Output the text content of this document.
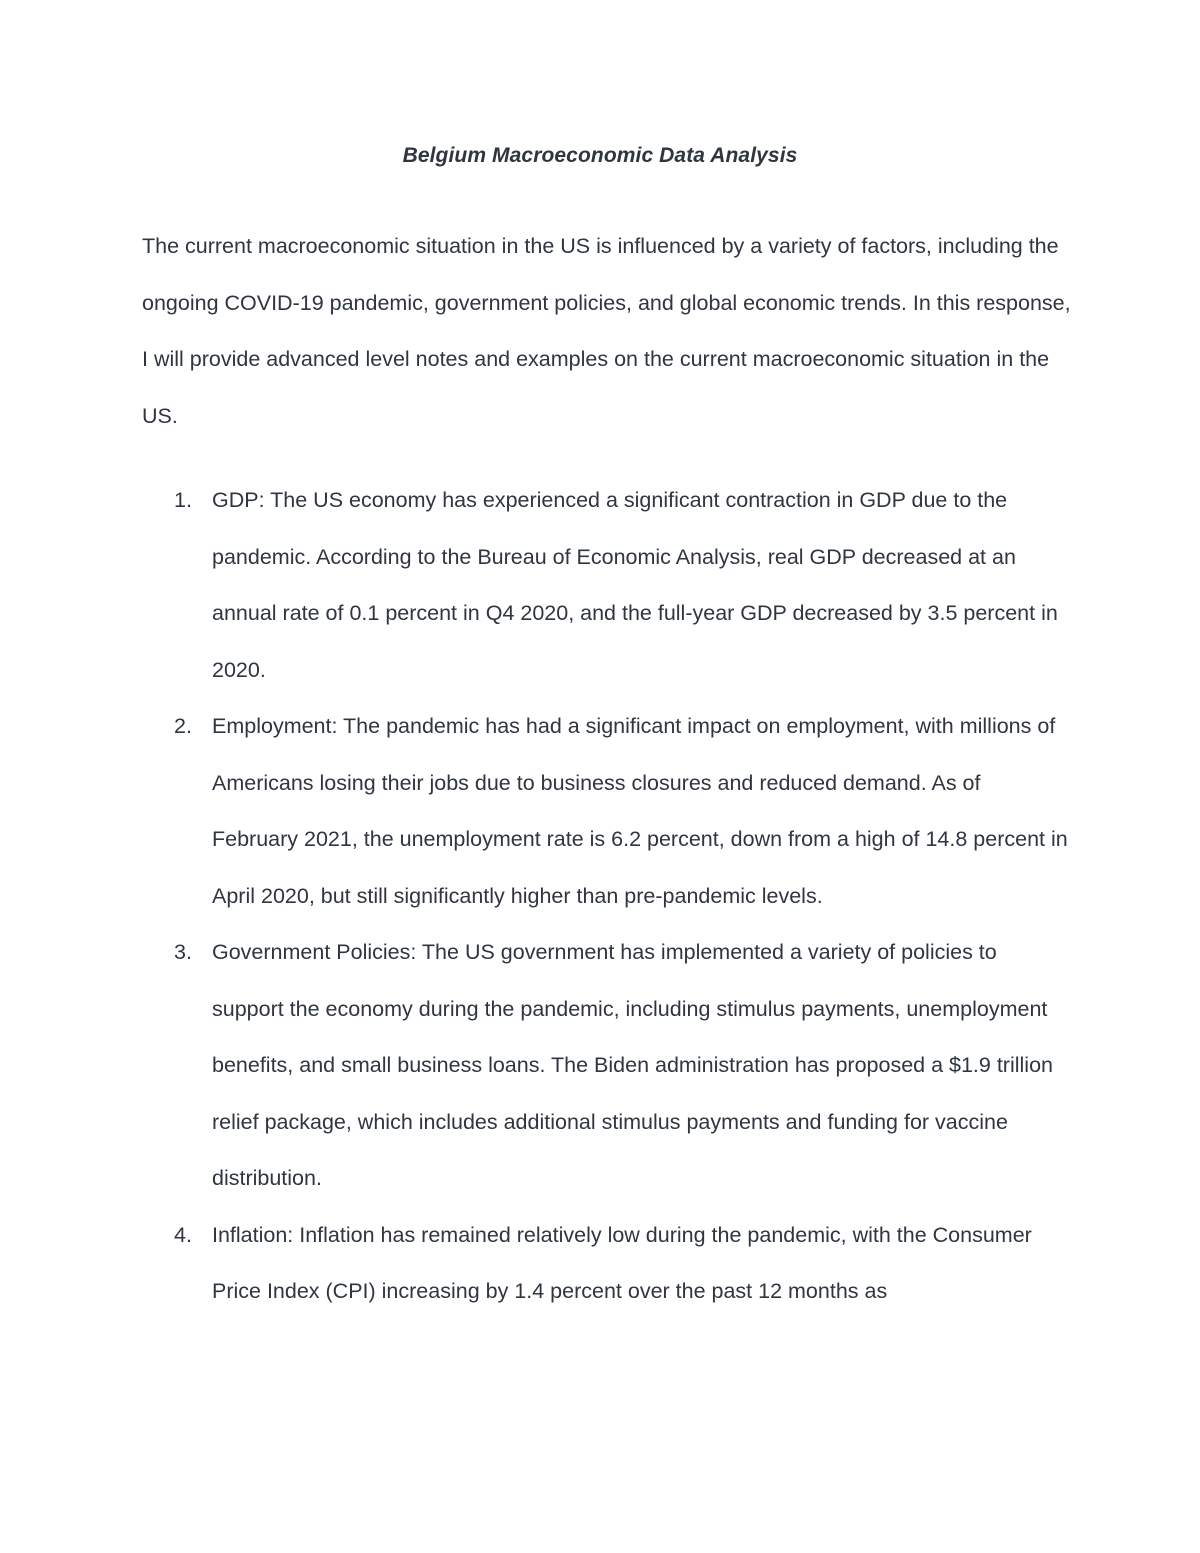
Belgium Macroeconomic Data Analysis

The current macroeconomic situation in the US is influenced by a variety of factors, including the ongoing COVID-19 pandemic, government policies, and global economic trends. In this response, I will provide advanced level notes and examples on the current macroeconomic situation in the US.

1. GDP: The US economy has experienced a significant contraction in GDP due to the pandemic. According to the Bureau of Economic Analysis, real GDP decreased at an annual rate of 0.1 percent in Q4 2020, and the full-year GDP decreased by 3.5 percent in 2020.
2. Employment: The pandemic has had a significant impact on employment, with millions of Americans losing their jobs due to business closures and reduced demand. As of February 2021, the unemployment rate is 6.2 percent, down from a high of 14.8 percent in April 2020, but still significantly higher than pre-pandemic levels.
3. Government Policies: The US government has implemented a variety of policies to support the economy during the pandemic, including stimulus payments, unemployment benefits, and small business loans. The Biden administration has proposed a $1.9 trillion relief package, which includes additional stimulus payments and funding for vaccine distribution.
4. Inflation: Inflation has remained relatively low during the pandemic, with the Consumer Price Index (CPI) increasing by 1.4 percent over the past 12 months as
